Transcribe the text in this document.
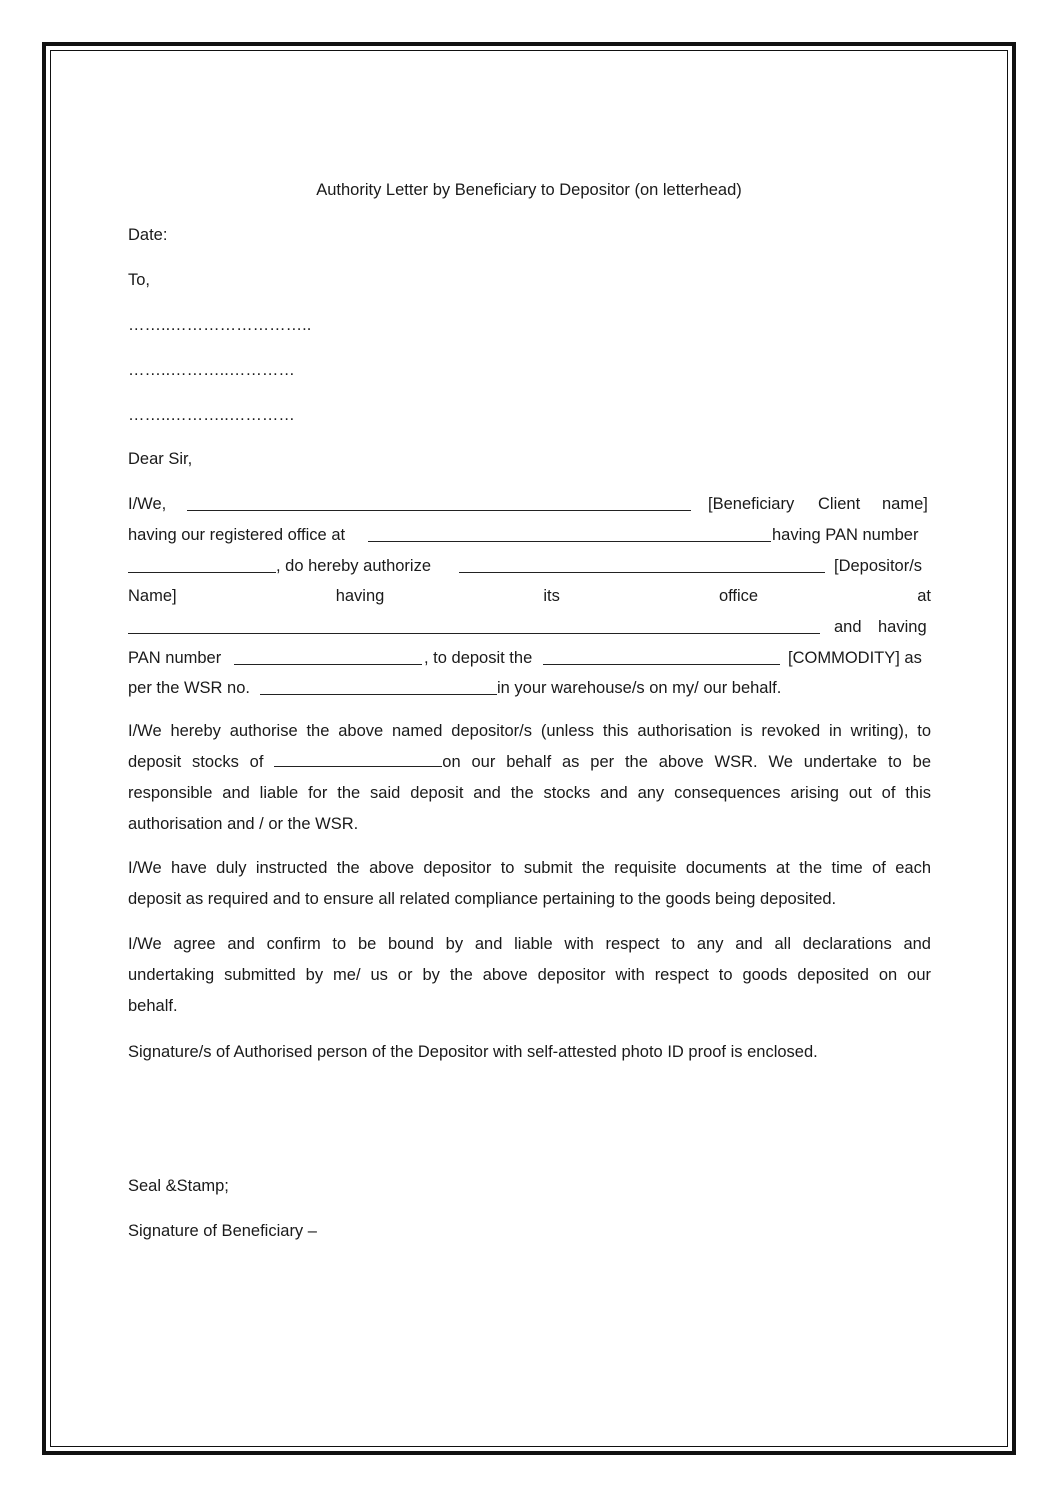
Authority Letter by Beneficiary to Depositor (on letterhead)
Date:
To,
……..……………………..
……..………..…………
……..………..…………
Dear Sir,
I/We,	[Beneficiary Client name]
having our registered office at	having PAN number
, do hereby authorize	[Depositor/s
Name]	having	its	office	at
and having
PAN number	, to deposit the	[COMMODITY] as
per the WSR no.	in your warehouse/s on my/ our behalf.
I/We hereby authorise the above named depositor/s (unless this authorisation is revoked in writing), to
deposit stocks of	on our behalf as per the above WSR. We undertake to be
responsible and liable for the said deposit and the stocks and any consequences arising out of this
authorisation and / or the WSR.
I/We have duly instructed the above depositor to submit the requisite documents at the time of each
deposit as required and to ensure all related compliance pertaining to the goods being deposited.
I/We agree and confirm to be bound by and liable with respect to any and all declarations and
undertaking submitted by me/ us or by the above depositor with respect to goods deposited on our
behalf.
Signature/s of Authorised person of the Depositor with self-attested photo ID proof is enclosed.
Seal &Stamp;
Signature of Beneficiary –
